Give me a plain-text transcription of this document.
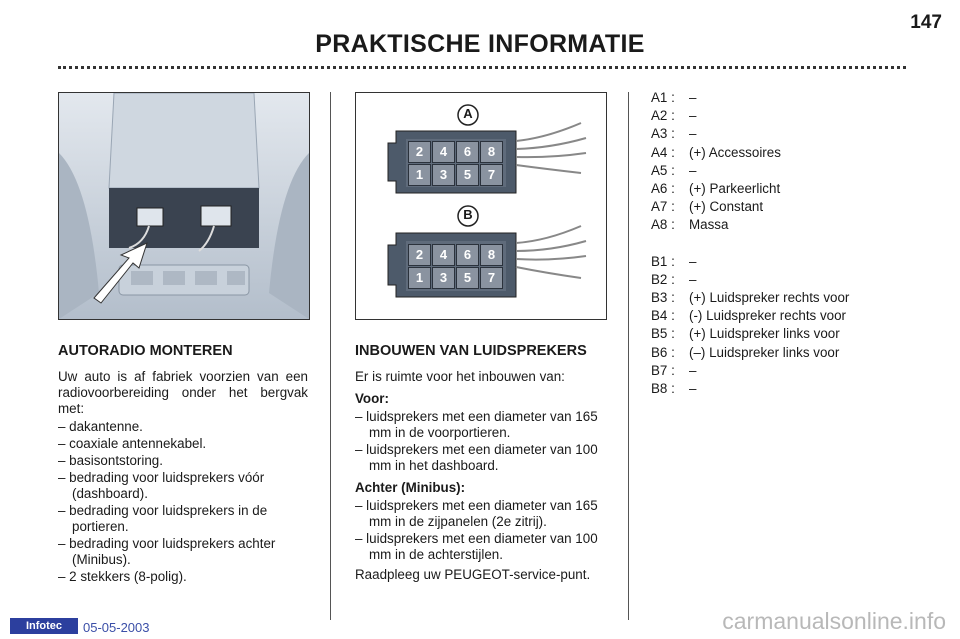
147
PRAKTISCHE INFORMATIE
A
B
2	4	6	8
1	3	5	7
2	4	6	8
1	3	5	7
AUTORADIO MONTEREN

Uw auto is af fabriek voorzien van een radiovoorbereiding onder het bergvak met:

– dakantenne.

– coaxiale antennekabel.

– basisontstoring.

– bedrading voor luidsprekers vóór (dashboard).

– bedrading voor luidsprekers in de portieren.

– bedrading voor luidsprekers achter (Minibus).

– 2 stekkers (8-polig).

INBOUWEN VAN LUIDSPREKERS

Er is ruimte voor het inbouwen van:

Voor:

– luidsprekers met een diameter van 165 mm in de voorportieren.

– luidsprekers met een diameter van 100 mm in het dashboard.

Achter (Minibus):

– luidsprekers met een diameter van 165 mm in de zijpanelen (2e zitrij).

– luidsprekers met een diameter van 100 mm in de achterstijlen.

Raadpleeg uw PEUGEOT-service-punt.

A1 :	–
A2 :	–
A3 :	–
A4 :	(+) Accessoires
A5 :	–
A6 :	(+) Parkeerlicht
A7 :	(+) Constant
A8 :	Massa
B1 :	–
B2 :	–
B3 :	(+) Luidspreker rechts voor
B4 :	(-) Luidspreker rechts voor
B5 :	(+) Luidspreker links voor
B6 :	(–) Luidspreker links voor
B7 :	–
B8 :	–
Infotec	05-05-2003	carmanualsonline.info
